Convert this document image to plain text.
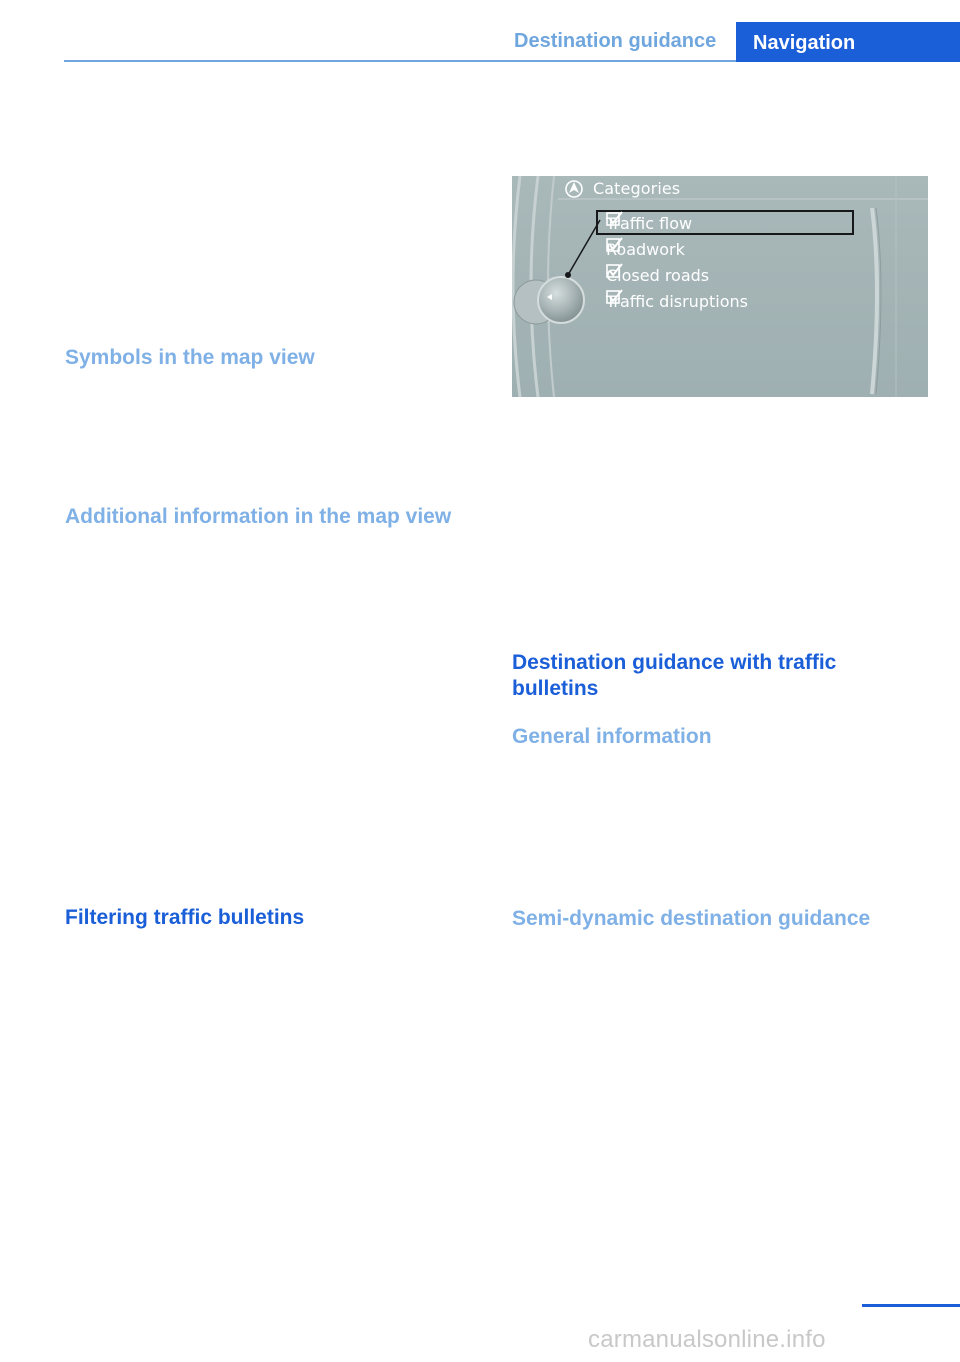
Destination guidance	Navigation
Symbols in the map view
Additional information in the map view
Filtering traffic bulletins
Categories
Traffic flow
Roadwork
Closed roads
Traffic disruptions
Destination guidance with traffic bulletins
General information
Semi-dynamic destination guidance
carmanualsonline.info
